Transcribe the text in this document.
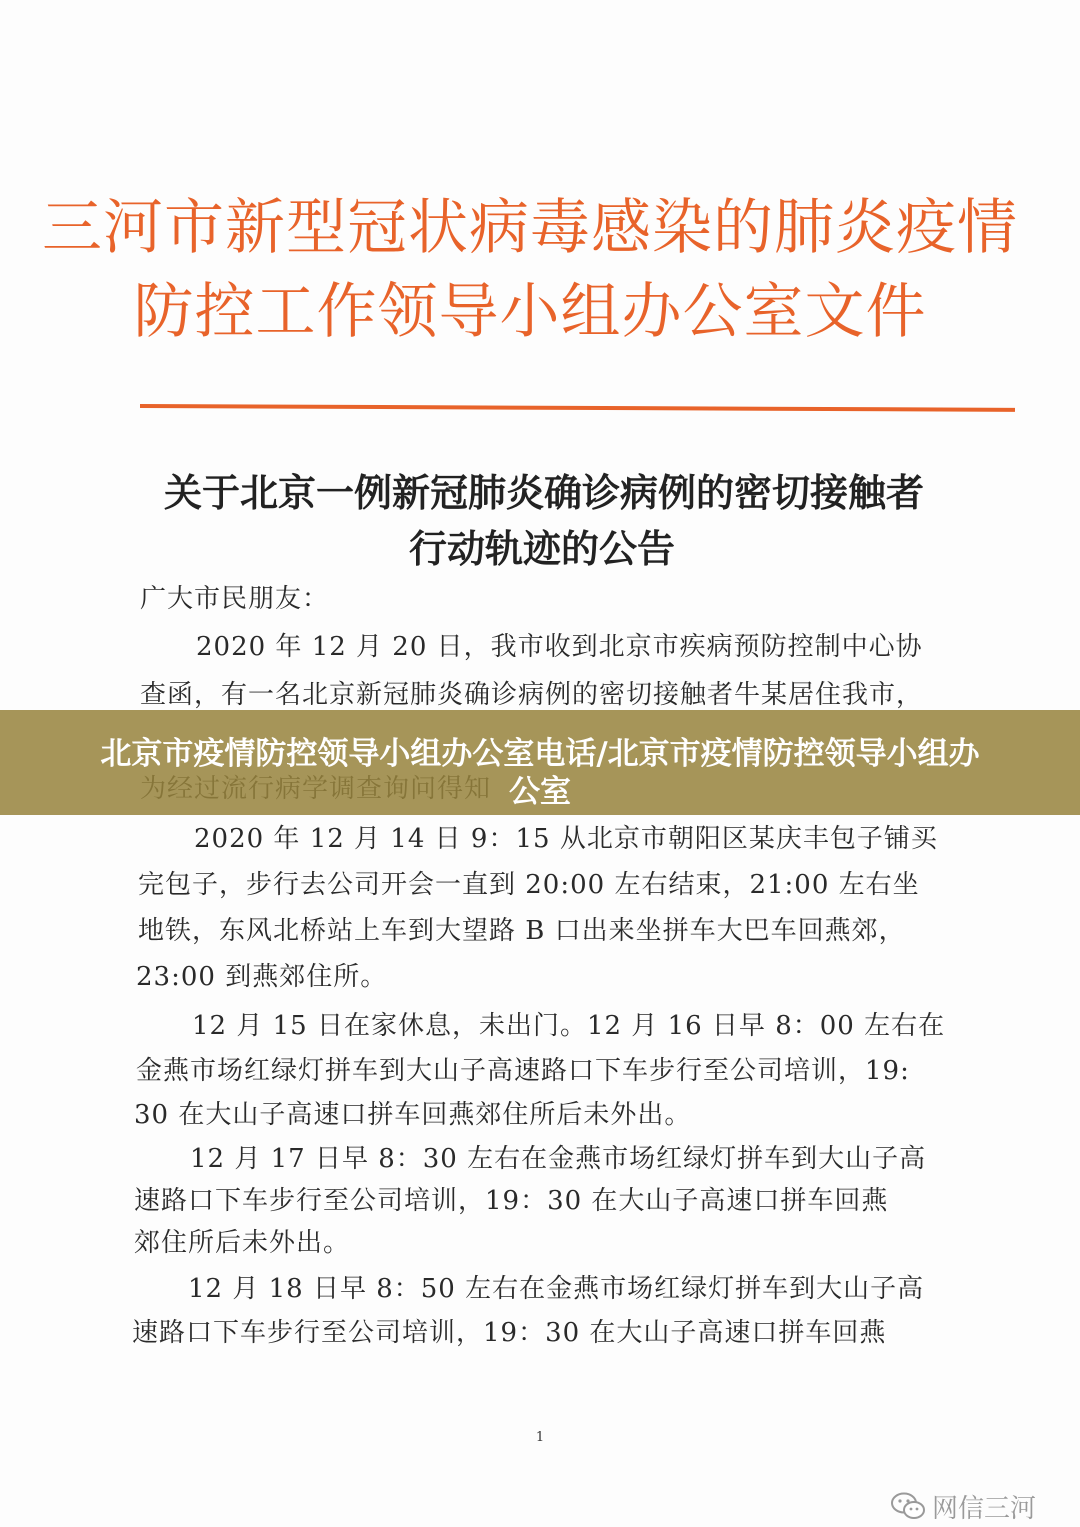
三河市新型冠状病毒感染的肺炎疫情
防控工作领导小组办公室文件
关于北京一例新冠肺炎确诊病例的密切接触者
行动轨迹的公告
广大市民朋友：
2020 年 12 月 20 日，我市收到北京市疾病预防控制中心协
查函，有一名北京新冠肺炎确诊病例的密切接触者牛某居住我市，
2020 年 12 月 14 日 9：15 从北京市朝阳区某庆丰包子铺买
完包子，步行去公司开会一直到 20:00 左右结束，21:00 左右坐
地铁，东风北桥站上车到大望路 B 口出来坐拼车大巴车回燕郊，
23:00 到燕郊住所。
12 月 15 日在家休息，未出门。12 月 16 日早 8：00 左右在
金燕市场红绿灯拼车到大山子高速路口下车步行至公司培训，19:
30 在大山子高速口拼车回燕郊住所后未外出。
12 月 17 日早 8：30 左右在金燕市场红绿灯拼车到大山子高
速路口下车步行至公司培训，19：30 在大山子高速口拼车回燕
郊住所后未外出。
12 月 18 日早 8：50 左右在金燕市场红绿灯拼车到大山子高
速路口下车步行至公司培训，19：30 在大山子高速口拼车回燕
1
北京市疫情防控领导小组办公室电话/北京市疫情防控领导小组办
公室
网信三河
